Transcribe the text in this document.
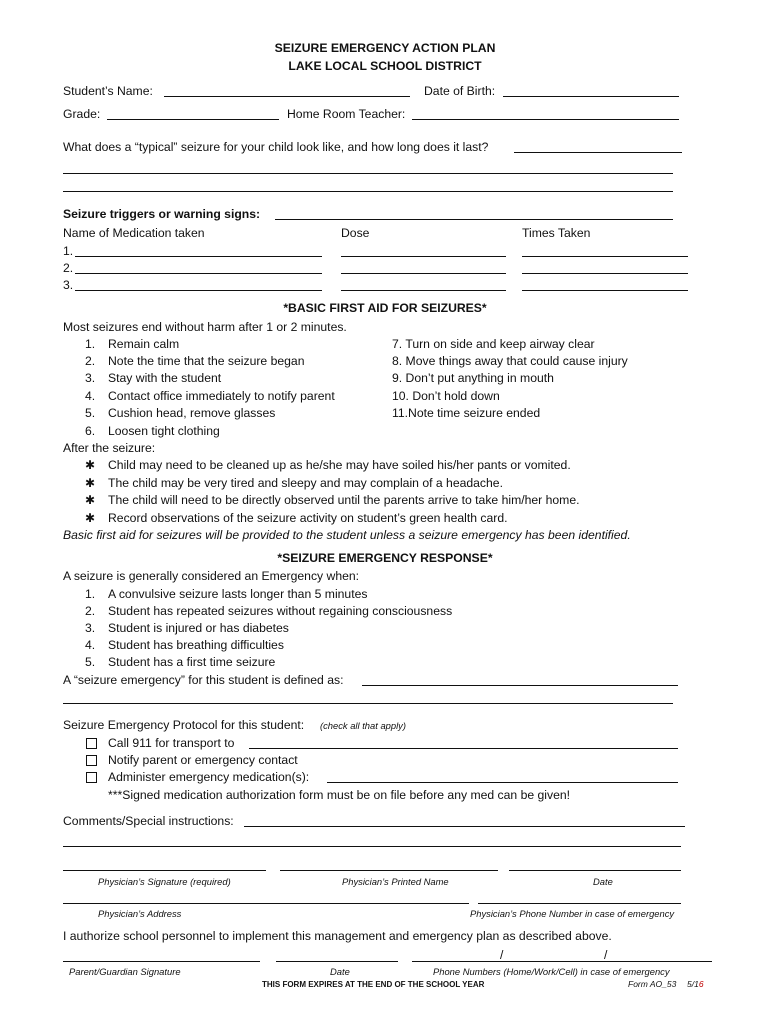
SEIZURE EMERGENCY ACTION PLAN
LAKE LOCAL SCHOOL DISTRICT
Student’s Name:	Date of Birth:
Grade:	Home Room Teacher:
What does a “typical” seizure for your child look like, and how long does it last?
Seizure triggers or warning signs:
Name of Medication taken	Dose	Times Taken
1.
2.
3.
*BASIC FIRST AID FOR SEIZURES*
Most seizures end without harm after 1 or 2 minutes.
1. Remain calm
2. Note the time that the seizure began
3. Stay with the student
4. Contact office immediately to notify parent
5. Cushion head, remove glasses
6. Loosen tight clothing
7. Turn on side and keep airway clear
8. Move things away that could cause injury
9. Don’t put anything in mouth
10. Don’t hold down
11.Note time seizure ended
After the seizure:
✱ Child may need to be cleaned up as he/she may have soiled his/her pants or vomited.
✱ The child may be very tired and sleepy and may complain of a headache.
✱ The child will need to be directly observed until the parents arrive to take him/her home.
✱ Record observations of the seizure activity on student’s green health card.
Basic first aid for seizures will be provided to the student unless a seizure emergency has been identified.
*SEIZURE EMERGENCY RESPONSE*
A seizure is generally considered an Emergency when:
1. A convulsive seizure lasts longer than 5 minutes
2. Student has repeated seizures without regaining consciousness
3. Student is injured or has diabetes
4. Student has breathing difficulties
5. Student has a first time seizure
A “seizure emergency” for this student is defined as:
Seizure Emergency Protocol for this student: (check all that apply)
Call 911 for transport to
Notify parent or emergency contact
Administer emergency medication(s):
***Signed medication authorization form must be on file before any med can be given!
Comments/Special instructions:
Physician’s Signature (required)	Physician’s Printed Name	Date
Physician’s Address	Physician’s Phone Number in case of emergency
I authorize school personnel to implement this management and emergency plan as described above.
/	/
Parent/Guardian Signature	Date	Phone Numbers (Home/Work/Cell) in case of emergency
THIS FORM EXPIRES AT THE END OF THE SCHOOL YEAR	Form AO_53 5/16
